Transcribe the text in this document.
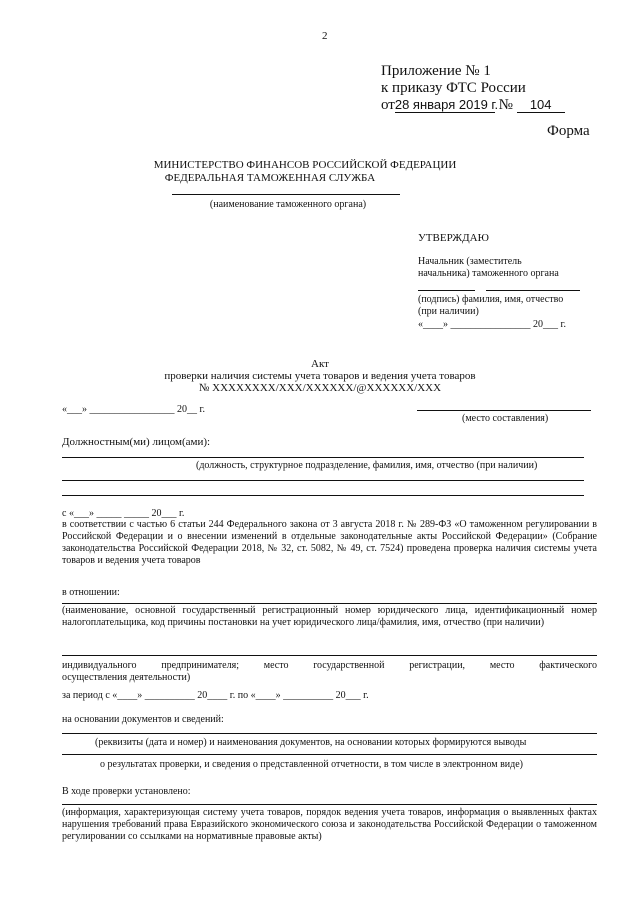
2
Приложение № 1
к приказу ФТС России
от28 января 2019 г. № 104
Форма
МИНИСТЕРСТВО ФИНАНСОВ РОССИЙСКОЙ ФЕДЕРАЦИИ
ФЕДЕРАЛЬНАЯ ТАМОЖЕННАЯ СЛУЖБА
(наименование таможенного органа)
УТВЕРЖДАЮ
Начальник (заместитель
начальника) таможенного органа
(подпись) фамилия, имя, отчество
(при наличии)
«____» ________________ 20___ г.
Акт
проверки наличия системы учета товаров и ведения учета товаров
№ XXXXXXXX/XXX/XXXXXX/@XXXXXX/XXX
«___» _________________ 20__ г.
(место составления)
Должностным(ми) лицом(ами):
(должность, структурное подразделение, фамилия, имя, отчество (при наличии)
с «___» _____ _____ 20___ г.
в соответствии с частью 6 статьи 244 Федерального закона от 3 августа 2018 г. № 289-ФЗ «О таможенном регулировании в Российской Федерации и о внесении изменений в отдельные законодательные акты Российской Федерации» (Собрание законодательства Российской Федерации 2018, № 32, ст. 5082, № 49, ст. 7524) проведена проверка наличия системы учета товаров и ведения учета товаров
в отношении:
(наименование, основной государственный регистрационный номер юридического лица, идентификационный номер налогоплательщика, код причины постановки на учет юридического лица/фамилия, имя, отчество (при наличии)
индивидуального предпринимателя; место государственной регистрации, место фактического
осуществления деятельности)
за период с «____» __________ 20____ г. по «____» __________ 20___ г.
на основании документов и сведений:
(реквизиты (дата и номер) и наименования документов, на основании которых формируются выводы
о результатах проверки, и сведения о представленной отчетности, в том числе в электронном виде)
В ходе проверки установлено:
(информация, характеризующая систему учета товаров, порядок ведения учета товаров, информация о выявленных фактах нарушения требований права Евразийского экономического союза и законодательства Российской Федерации о таможенном регулировании со ссылками на нормативные правовые акты)
